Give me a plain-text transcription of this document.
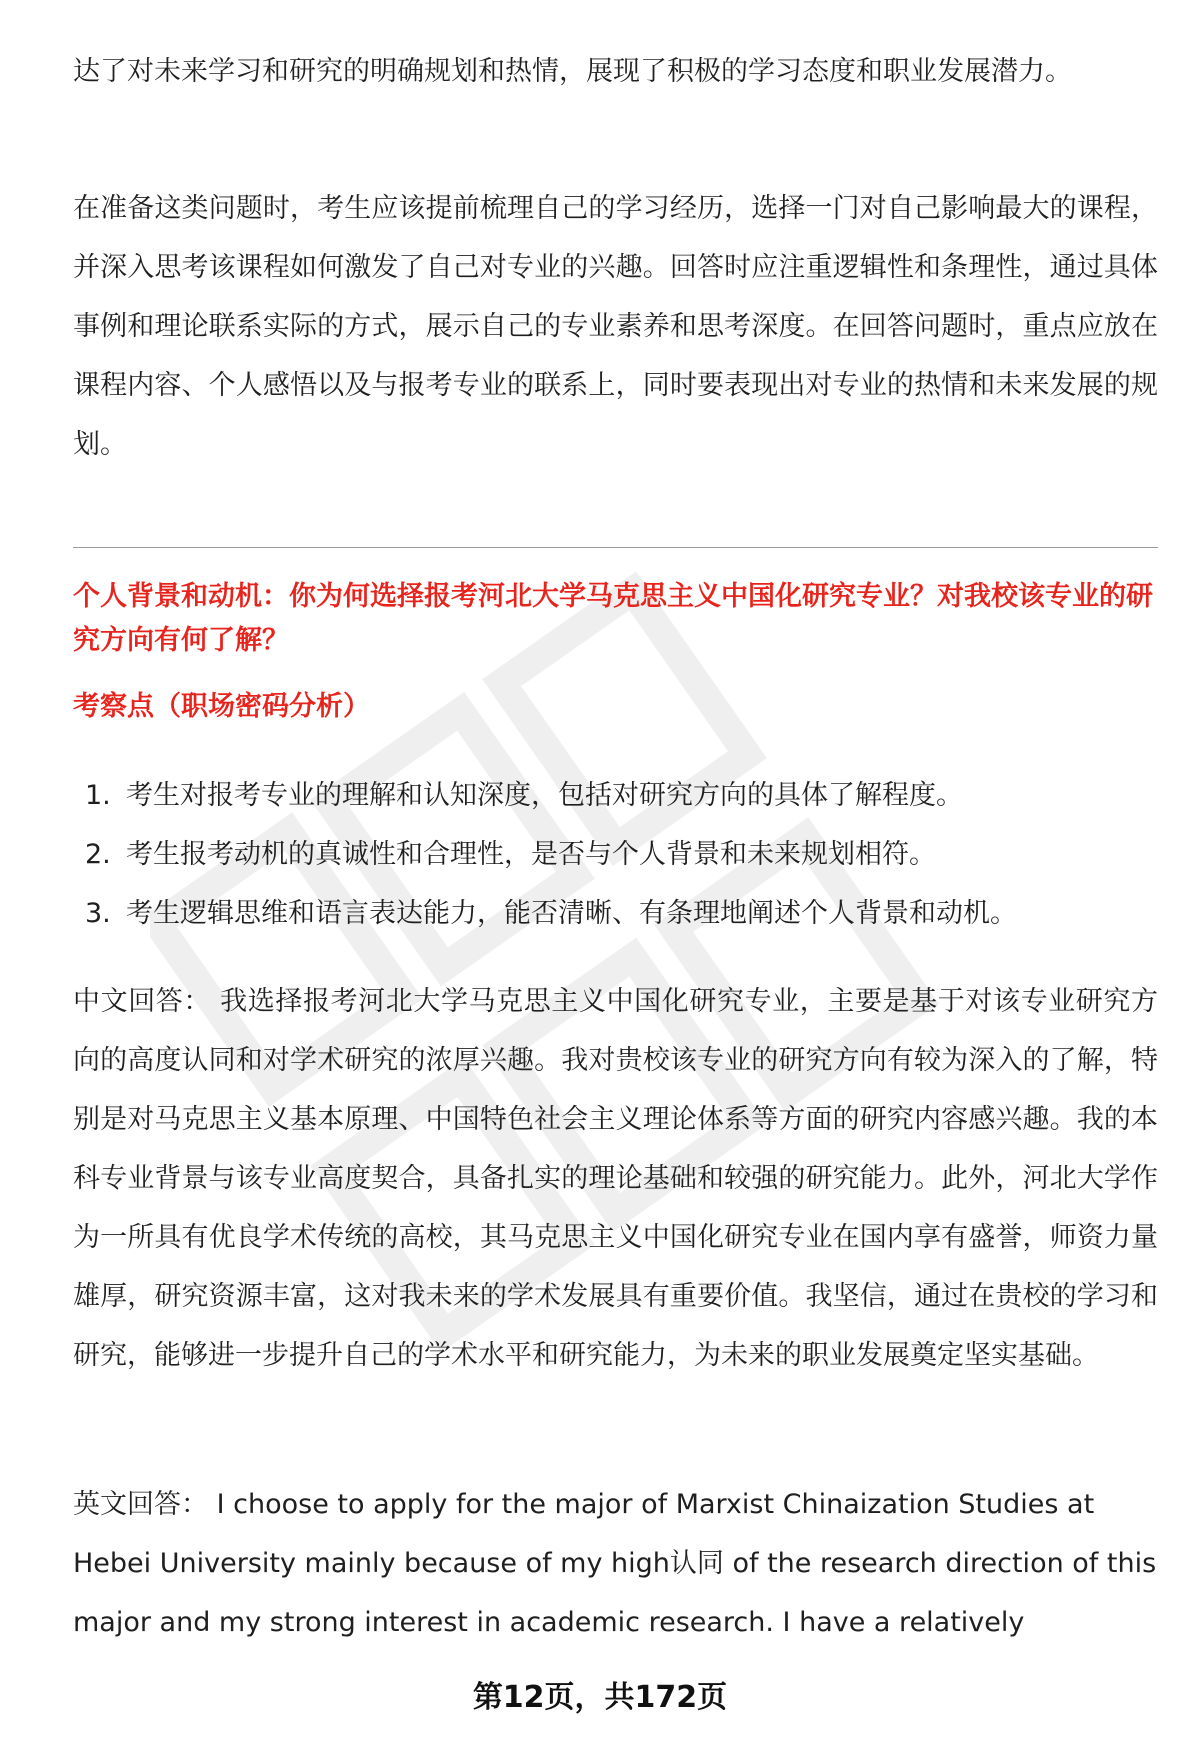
达了对未来学习和研究的明确规划和热情，展现了积极的学习态度和职业发展潜力。

在准备这类问题时，考生应该提前梳理自己的学习经历，选择一门对自己影响最大的课程，并深入思考该课程如何激发了自己对专业的兴趣。回答时应注重逻辑性和条理性，通过具体事例和理论联系实际的方式，展示自己的专业素养和思考深度。在回答问题时，重点应放在课程内容、个人感悟以及与报考专业的联系上，同时要表现出对专业的热情和未来发展的规划。

个人背景和动机：你为何选择报考河北大学马克思主义中国化研究专业？对我校该专业的研究方向有何了解？
考察点（职场密码分析）
1. 考生对报考专业的理解和认知深度，包括对研究方向的具体了解程度。
2. 考生报考动机的真诚性和合理性，是否与个人背景和未来规划相符。
3. 考生逻辑思维和语言表达能力，能否清晰、有条理地阐述个人背景和动机。

中文回答： 我选择报考河北大学马克思主义中国化研究专业，主要是基于对该专业研究方向的高度认同和对学术研究的浓厚兴趣。我对贵校该专业的研究方向有较为深入的了解，特别是对马克思主义基本原理、中国特色社会主义理论体系等方面的研究内容感兴趣。我的本科专业背景与该专业高度契合，具备扎实的理论基础和较强的研究能力。此外，河北大学作为一所具有优良学术传统的高校，其马克思主义中国化研究专业在国内享有盛誉，师资力量雄厚，研究资源丰富，这对我未来的学术发展具有重要价值。我坚信，通过在贵校的学习和研究，能够进一步提升自己的学术水平和研究能力，为未来的职业发展奠定坚实基础。

英文回答： I choose to apply for the major of Marxist Chinaization Studies at Hebei University mainly because of my high认同 of the research direction of this major and my strong interest in academic research. I have a relatively

第12页，共172页
